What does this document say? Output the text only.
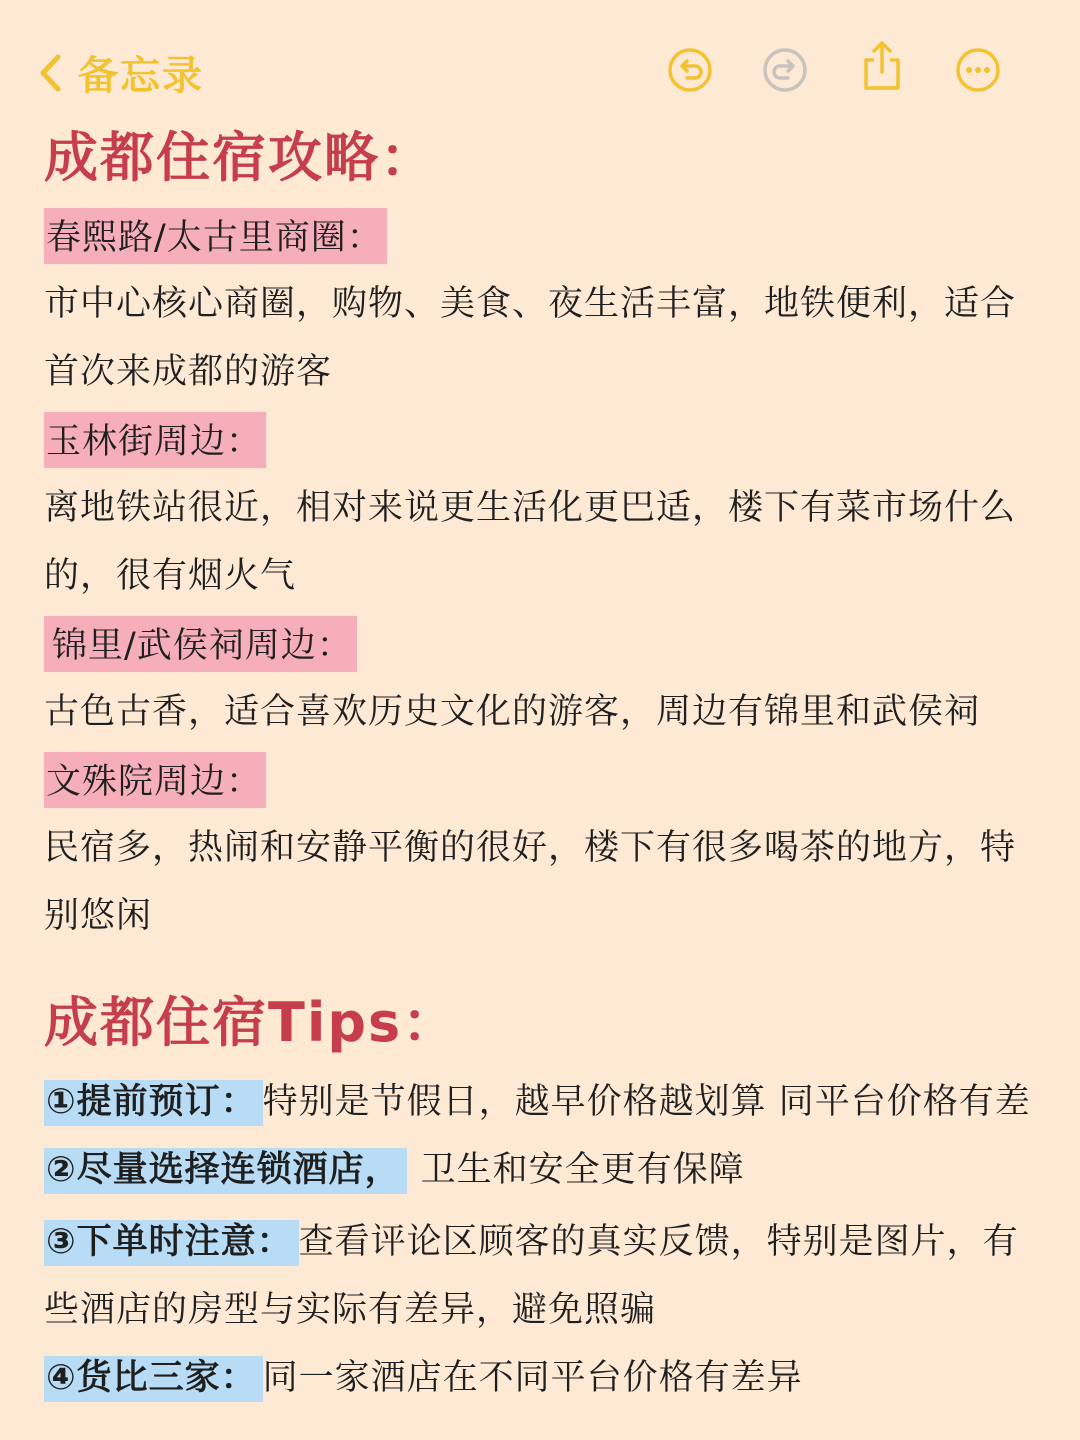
备忘录
成都住宿攻略：
春熙路/太古里商圈：

市中心核心商圈，购物、美食、夜生活丰富，地铁便利，适合

首次来成都的游客

玉林街周边：

离地铁站很近，相对来说更生活化更巴适，楼下有菜市场什么

的，很有烟火气

锦里/武侯祠周边：

古色古香，适合喜欢历史文化的游客，周边有锦里和武侯祠

文殊院周边：

民宿多，热闹和安静平衡的很好，楼下有很多喝茶的地方，特

别悠闲

成都住宿Tips：

①提前预订： 特别是节假日，越早价格越划算 同平台价格有差

②尽量选择连锁酒店， 卫生和安全更有保障

③下单时注意： 查看评论区顾客的真实反馈，特别是图片，有

些酒店的房型与实际有差异，避免照骗

④货比三家： 同一家酒店在不同平台价格有差异
